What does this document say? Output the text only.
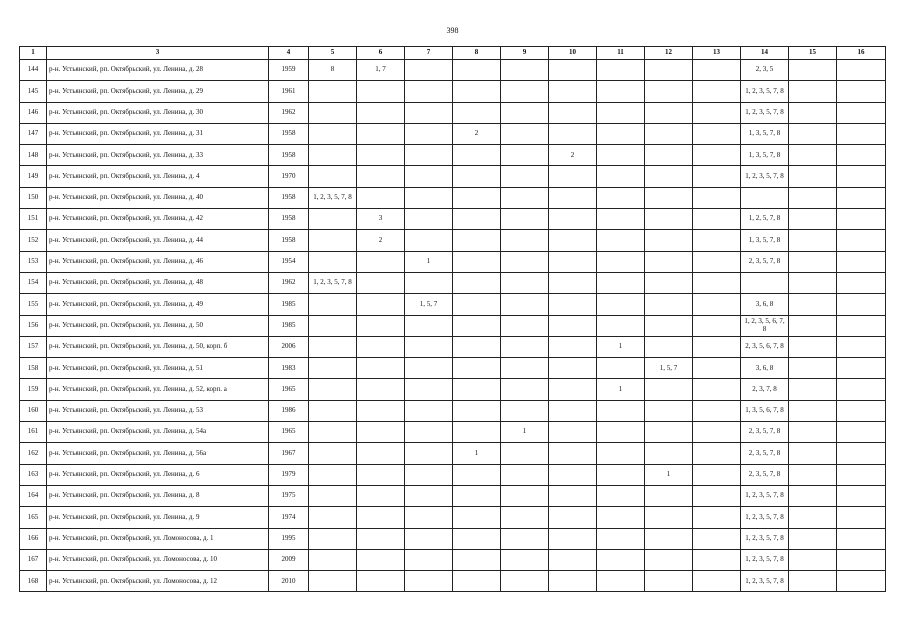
398
1	3	4	5	6	7	8	9	10	11	12	13	14	15	16
144	р-н. Устьянский, рп. Октябрьский, ул. Ленина, д. 28	1959	8	1, 7								2, 3, 5		
145	р-н. Устьянский, рп. Октябрьский, ул. Ленина, д. 29	1961										1, 2, 3, 5, 7, 8		
146	р-н. Устьянский, рп. Октябрьский, ул. Ленина, д. 30	1962										1, 2, 3, 5, 7, 8		
147	р-н. Устьянский, рп. Октябрьский, ул. Ленина, д. 31	1958				2						1, 3, 5, 7, 8		
148	р-н. Устьянский, рп. Октябрьский, ул. Ленина, д. 33	1958						2				1, 3, 5, 7, 8		
149	р-н. Устьянский, рп. Октябрьский, ул. Ленина, д. 4	1970										1, 2, 3, 5, 7, 8		
150	р-н. Устьянский, рп. Октябрьский, ул. Ленина, д. 40	1958	1, 2, 3, 5, 7, 8											
151	р-н. Устьянский, рп. Октябрьский, ул. Ленина, д. 42	1958		3								1, 2, 5, 7, 8		
152	р-н. Устьянский, рп. Октябрьский, ул. Ленина, д. 44	1958		2								1, 3, 5, 7, 8		
153	р-н. Устьянский, рп. Октябрьский, ул. Ленина, д. 46	1954			1							2, 3, 5, 7, 8		
154	р-н. Устьянский, рп. Октябрьский, ул. Ленина, д. 48	1962	1, 2, 3, 5, 7, 8											
155	р-н. Устьянский, рп. Октябрьский, ул. Ленина, д. 49	1985			1, 5, 7							3, 6, 8		
156	р-н. Устьянский, рп. Октябрьский, ул. Ленина, д. 50	1985										1, 2, 3, 5, 6, 7, 8		
157	р-н. Устьянский, рп. Октябрьский, ул. Ленина, д. 50, корп. б	2006							1			2, 3, 5, 6, 7, 8		
158	р-н. Устьянский, рп. Октябрьский, ул. Ленина, д. 51	1983								1, 5, 7		3, 6, 8		
159	р-н. Устьянский, рп. Октябрьский, ул. Ленина, д. 52, корп. а	1965							1			2, 3, 7, 8		
160	р-н. Устьянский, рп. Октябрьский, ул. Ленина, д. 53	1986										1, 3, 5, 6, 7, 8		
161	р-н. Устьянский, рп. Октябрьский, ул. Ленина, д. 54а	1965					1					2, 3, 5, 7, 8		
162	р-н. Устьянский, рп. Октябрьский, ул. Ленина, д. 56а	1967				1						2, 3, 5, 7, 8		
163	р-н. Устьянский, рп. Октябрьский, ул. Ленина, д. 6	1979								1		2, 3, 5, 7, 8		
164	р-н. Устьянский, рп. Октябрьский, ул. Ленина, д. 8	1975										1, 2, 3, 5, 7, 8		
165	р-н. Устьянский, рп. Октябрьский, ул. Ленина, д. 9	1974										1, 2, 3, 5, 7, 8		
166	р-н. Устьянский, рп. Октябрьский, ул. Ломоносова, д. 1	1995										1, 2, 3, 5, 7, 8		
167	р-н. Устьянский, рп. Октябрьский, ул. Ломоносова, д. 10	2009										1, 2, 3, 5, 7, 8		
168	р-н. Устьянский, рп. Октябрьский, ул. Ломоносова, д. 12	2010										1, 2, 3, 5, 7, 8		
